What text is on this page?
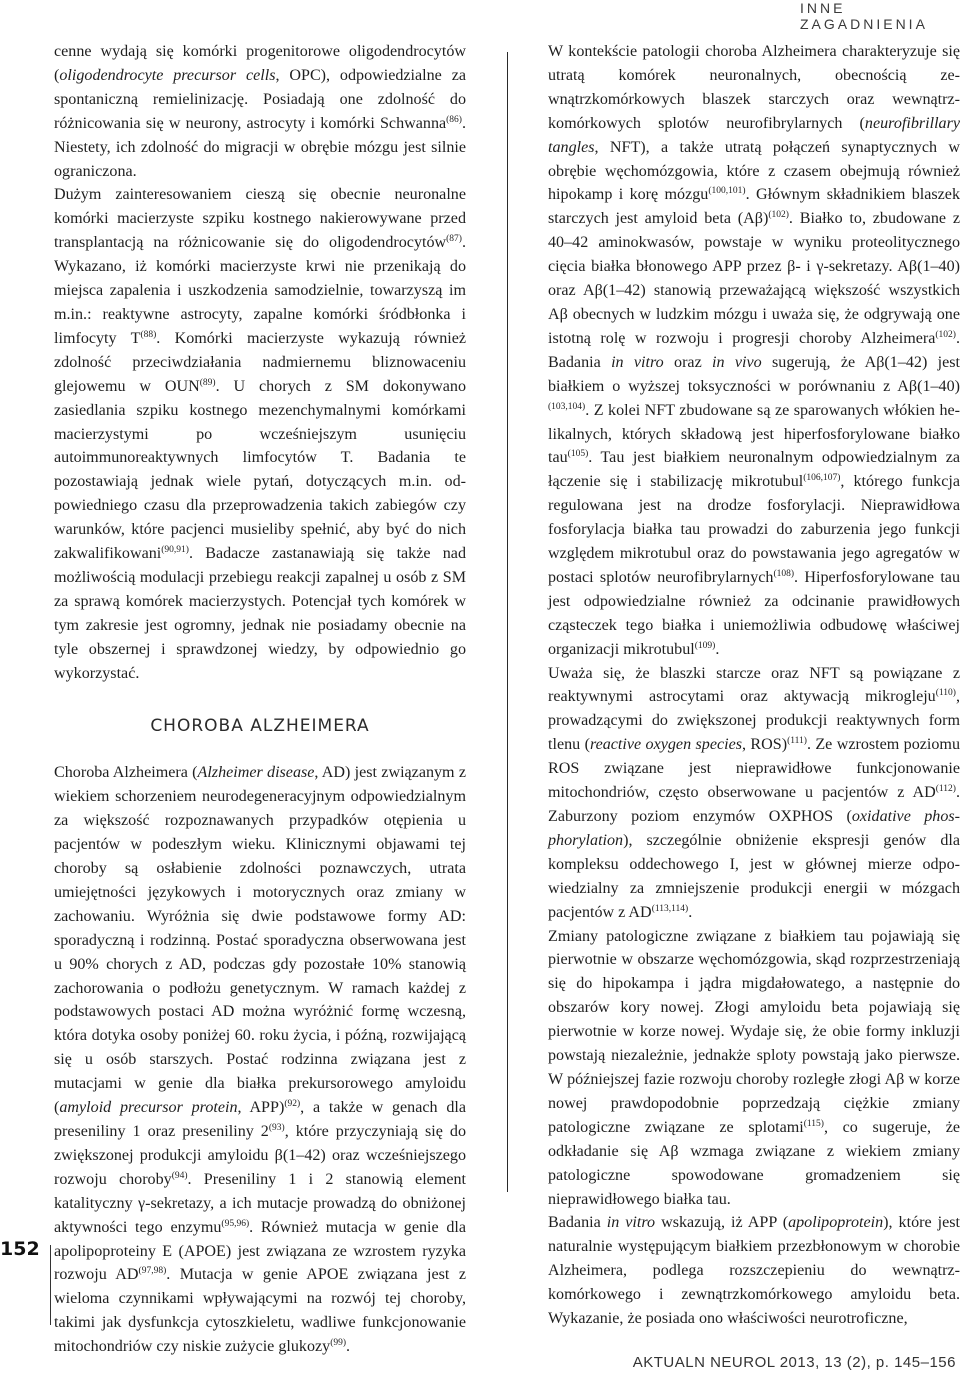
INNE ZAGADNIENIA

cenne wydają się komórki progenitorowe oligodendrocytów (oligodendrocyte precursor cells, OPC), odpowiedzialne za spontaniczną remielinizację. Posiadają one zdolność do różnicowania się w neurony, astrocyty i komórki Schwanna$^{(86)}$. Niestety, ich zdolność do migracji w obrębie mózgu jest silnie ograniczona.

Dużym zainteresowaniem cieszą się obecnie neuronalne komórki macierzyste szpiku kostnego nakierowywane przed transplantacją na różnicowanie się do oligodendrocytów$^{(87)}$. Wykazano, iż komórki macierzyste krwi nie przenikają do miejsca zapalenia i uszkodzenia samodzielnie, towarzyszą im m.in.: reaktywne astrocyty, zapalne komórki śródbłonka i limfocyty $T^{(88)}$. Komórki macierzyste wykazują również zdolność przeciwdziałania nadmiernemu bliznowaceniu glejowemu w OUN$^{(89)}$. U chorych z SM dokonywano zasiedlania szpiku kostnego mezenchymalnymi komórkami macierzystymi po wcześniejszym usunięciu autoimmunoreaktywnych limfocytów T. Badania te pozostawiają jednak wiele pytań, dotyczących m.in. odpowiedniego czasu dla przeprowadzenia takich zabiegów czy warunków, które pacjenci musieliby spełnić, aby być do nich zakwalifikowani$^{(90,91)}$. Badacze zastanawiają się także nad możliwością modulacji przebiegu reakcji zapalnej u osób z SM za sprawą komórek macierzystych. Potencjał tych komórek w tym zakresie jest ogromny, jednak nie posiadamy obecnie na tyle obszernej i sprawdzonej wiedzy, by odpowiednio go wykorzystać.

CHOROBA ALZHEIMERA

Choroba Alzheimera (Alzheimer disease, AD) jest związanym z wiekiem schorzeniem neurodegeneracyjnym odpowiedzialnym za większość rozpoznawanych przypadków otępienia u pacjentów w podeszłym wieku. Klinicznymi objawami tej choroby są osłabienie zdolności poznawczych, utrata umiejętności językowych i motorycznych oraz zmiany w zachowaniu. Wyróżnia się dwie podstawowe formy AD: sporadyczną i rodzinną. Postać sporadyczna obserwowana jest u 90% chorych z AD, podczas gdy pozostałe 10% stanowią zachorowania o podłożu genetycznym. W ramach każdej z podstawowych postaci AD można wyróżnić formę wczesną, która dotyka osoby poniżej 60. roku życia, i późną, rozwijającą się u osób starszych. Postać rodzinna związana jest z mutacjami w genie dla białka prekursorowego amyloidu (amyloid precursor protein, APP)$^{(92)}$, a także w genach dla preseniliny 1 oraz preseniliny 2$^{(93)}$, które przyczyniają się do zwiększonej produkcji amyloidu β(1–42) oraz wcześniejszego rozwoju choroby$^{(94)}$. Preseniliny 1 i 2 stanowią element katalityczny γ-sekretazy, a ich mutacje prowadzą do obniżonej aktywności tego enzymu$^{(95,96)}$. Również mutacja w genie dla apolipoproteiny E (APOE) jest związana ze wzrostem ryzyka rozwoju AD$^{(97,98)}$. Mutacja w genie APOE związana jest z wieloma czynnikami wpływającymi na rozwój tej choroby, takimi jak dysfunkcja cytoszkieletu, wadliwe funkcjonowanie mitochondriów czy niskie zużycie glukozy$^{(99)}$.

W kontekście patologii choroba Alzheimera charakteryzuje się utratą komórek neuronalnych, obecnością zewnątrzkomórkowych blaszek starczych oraz wewnątrzkomórkowych splotów neurofibrylarnych (neurofibrillary tangles, NFT), a także utratą połączeń synaptycznych w obrębie węchomózgowia, które z czasem obejmują również hipokamp i korę mózgu$^{(100,101)}$. Głównym składnikiem blaszek starczych jest amyloid beta $(A\beta)^{(102)}$. Białko to, zbudowane z 40–42 aminokwasów, powstaje w wyniku proteolitycznego cięcia białka błonowego APP przez β- i γ-sekretazy. Aβ(1–40) oraz Aβ(1–42) stanowią przeważającą większość wszystkich Aβ obecnych w ludzkim mózgu i uważa się, że odgrywają one istotną rolę w rozwoju i progresji choroby Alzheimera$^{(102)}$. Badania in vitro oraz in vivo sugerują, że Aβ(1–42) jest białkiem o wyższej toksyczności w porównaniu z $A\beta(1-40)^{(103,104)}$. Z kolei NFT zbudowane są ze sparowanych włókien helikalnych, których składową jest hiperfosforylowane białko tau$^{(105)}$. Tau jest białkiem neuronalnym odpowiedzialnym za łączenie się i stabilizację mikrotubul$^{(106,107)}$, którego funkcja regulowana jest na drodze fosforylacji. Nieprawidłowa fosforylacja białka tau prowadzi do zaburzenia jego funkcji względem mikrotubul oraz do powstawania jego agregatów w postaci splotów neurofibrylarnych$^{(108)}$. Hiperfosforylowane tau jest odpowiedzialne również za odcinanie prawidłowych cząsteczek tego białka i uniemożliwia odbudowę właściwej organizacji mikrotubul$^{(109)}$.

Uważa się, że blaszki starcze oraz NFT są powiązane z reaktywnymi astrocytami oraz aktywacją mikrogleju$^{(110)}$, prowadzącymi do zwiększonej produkcji reaktywnych form tlenu (reactive oxygen species, ROS)$^{(111)}$. Ze wzrostem poziomu ROS związane jest nieprawidłowe funkcjonowanie mitochondriów, często obserwowane u pacjentów z AD$^{(112)}$. Zaburzony poziom enzymów OXPHOS (oxidative phosphorylation), szczególnie obniżenie ekspresji genów dla kompleksu oddechowego I, jest w głównej mierze odpowiedzialny za zmniejszenie produkcji energii w mózgach pacjentów z AD$^{(113,114)}$.

Zmiany patologiczne związane z białkiem tau pojawiają się pierwotnie w obszarze węchomózgowia, skąd rozprzestrzeniają się do hipokampa i jądra migdałowatego, a następnie do obszarów kory nowej. Złogi amyloidu beta pojawiają się pierwotnie w korze nowej. Wydaje się, że obie formy inkluzji powstają niezależnie, jednakże sploty powstają jako pierwsze. W późniejszej fazie rozwoju choroby rozległe złogi Aβ w korze nowej prawdopodobnie poprzedzają ciężkie zmiany patologiczne związane ze splotami$^{(115)}$, co sugeruje, że odkładanie się Aβ wzmaga związane z wiekiem zmiany patologiczne spowodowane gromadzeniem się nieprawidłowego białka tau.

Badania in vitro wskazują, iż APP (apolipoprotein), które jest naturalnie występującym białkiem przezbłonowym w chorobie Alzheimera, podlega rozszczepieniu do wewnątrzkomórkowego i zewnątrzkomórkowego amyloidu beta. Wykazanie, że posiada ono właściwości neurotroficzne,

152
AKTUALN NEUROL 2013, 13 (2), p. 145–156
